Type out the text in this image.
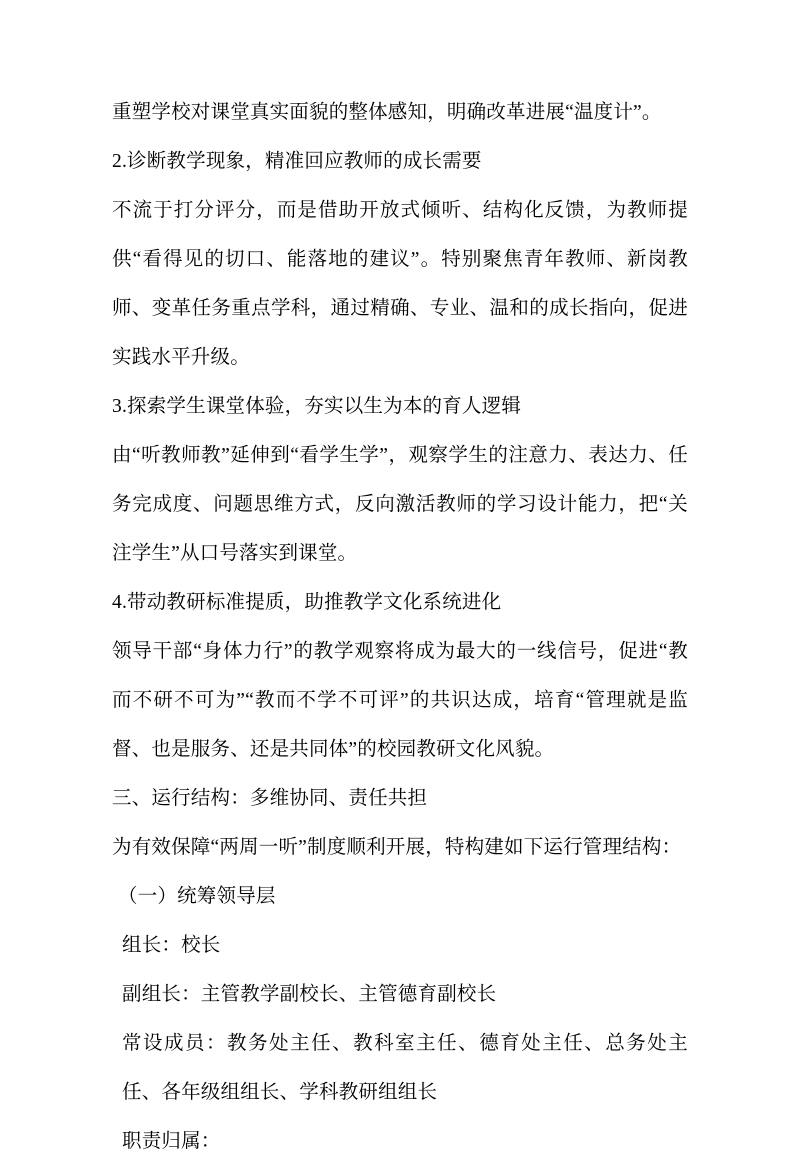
重塑学校对课堂真实面貌的整体感知，明确改革进展“温度计”。

2.诊断教学现象，精准回应教师的成长需要

不流于打分评分，而是借助开放式倾听、结构化反馈，为教师提供“看得见的切口、能落地的建议”。特别聚焦青年教师、新岗教师、变革任务重点学科，通过精确、专业、温和的成长指向，促进实践水平升级。

3.探索学生课堂体验，夯实以生为本的育人逻辑

由“听教师教”延伸到“看学生学”，观察学生的注意力、表达力、任务完成度、问题思维方式，反向激活教师的学习设计能力，把“关注学生”从口号落实到课堂。

4.带动教研标准提质，助推教学文化系统进化

领导干部“身体力行”的教学观察将成为最大的一线信号，促进“教而不研不可为”“教而不学不可评”的共识达成，培育“管理就是监督、也是服务、还是共同体”的校园教研文化风貌。

三、运行结构：多维协同、责任共担

为有效保障“两周一听”制度顺利开展，特构建如下运行管理结构：

（一）统筹领导层

组长：校长

副组长：主管教学副校长、主管德育副校长

常设成员：教务处主任、教科室主任、德育处主任、总务处主任、各年级组组长、学科教研组组长

职责归属：
